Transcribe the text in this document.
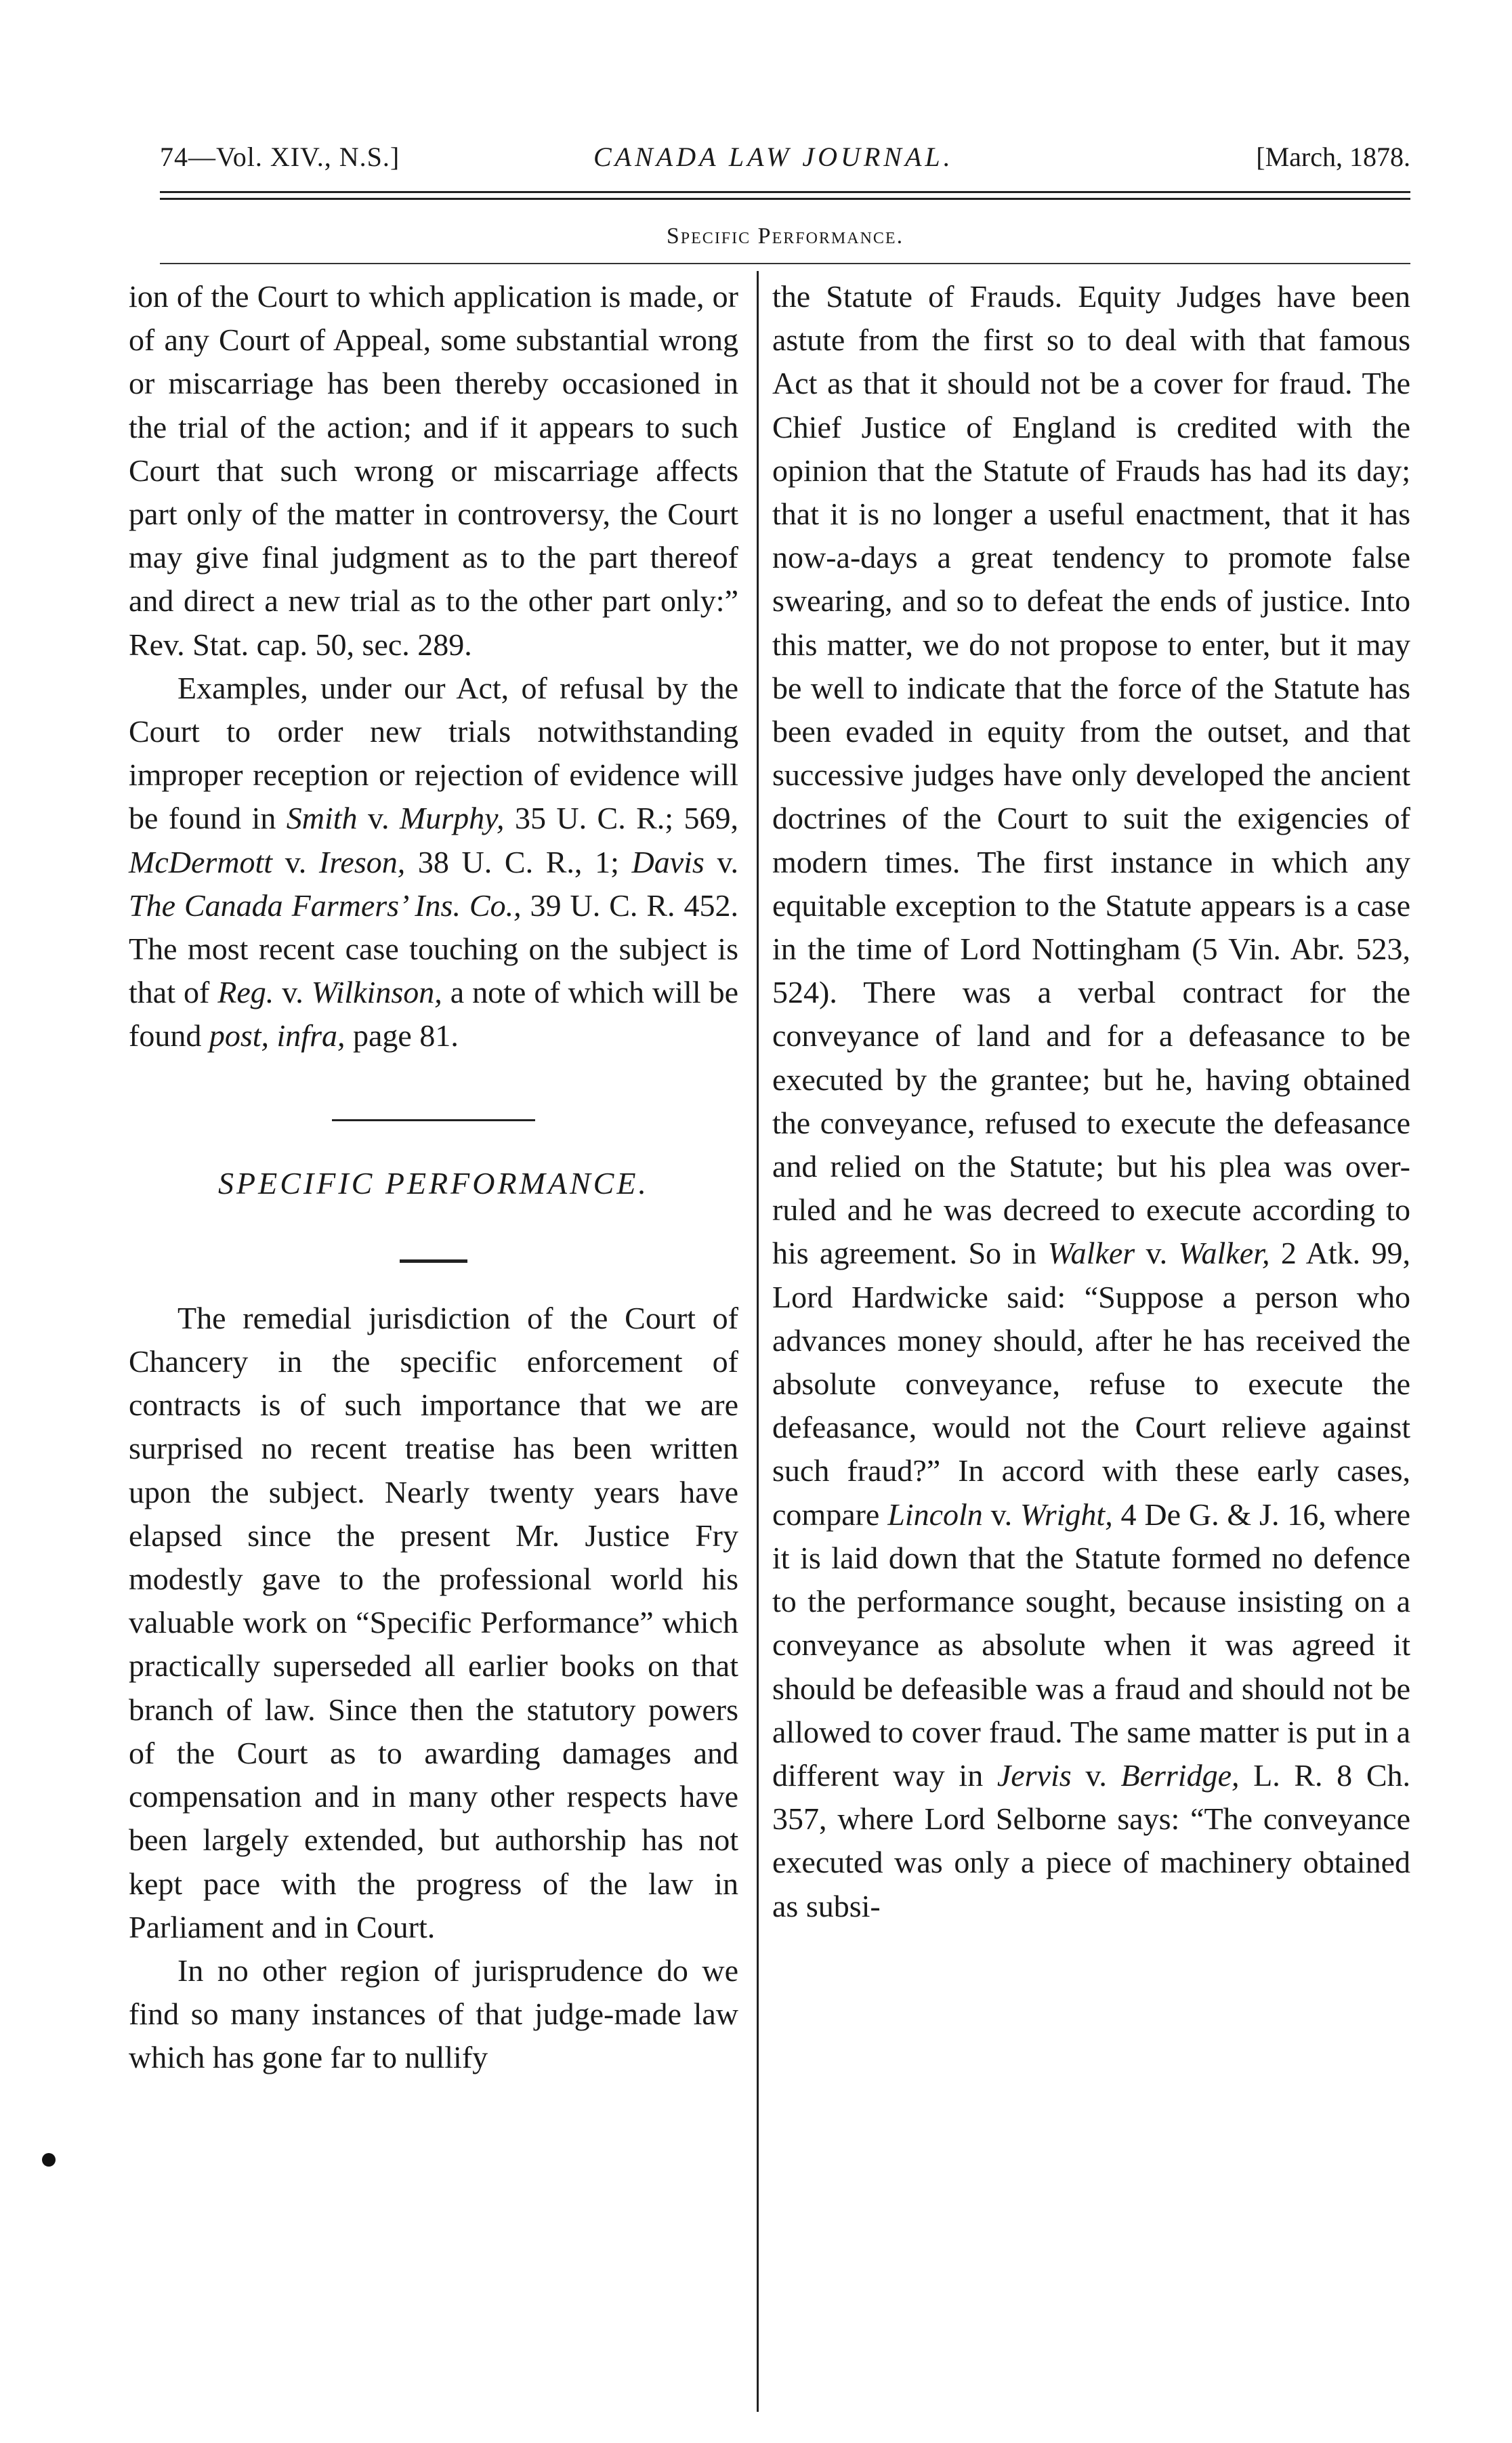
74—Vol. XIV., N.S.]	CANADA LAW JOURNAL.	[March, 1878.
Specific Performance.

ion of the Court to which application is made, or of any Court of Appeal, some substantial wrong or miscarriage has been thereby occasioned in the trial of the action; and if it appears to such Court that such wrong or miscarriage affects part only of the matter in controversy, the Court may give final judgment as to the part thereof and direct a new trial as to the other part only:” Rev. Stat. cap. 50, sec. 289.

Examples, under our Act, of refusal by the Court to order new trials notwithstanding improper reception or rejection of evidence will be found in Smith v. Murphy, 35 U. C. R.; 569, McDermott v. Ireson, 38 U. C. R., 1; Davis v. The Canada Farmers’ Ins. Co., 39 U. C. R. 452. The most recent case touching on the subject is that of Reg. v. Wilkinson, a note of which will be found post, infra, page 81.

SPECIFIC PERFORMANCE.

The remedial jurisdiction of the Court of Chancery in the specific enforcement of contracts is of such importance that we are surprised no recent treatise has been written upon the subject. Nearly twenty years have elapsed since the present Mr. Justice Fry modestly gave to the professional world his valuable work on “Specific Performance” which practically superseded all earlier books on that branch of law. Since then the statutory powers of the Court as to awarding damages and compensation and in many other respects have been largely extended, but authorship has not kept pace with the progress of the law in Parliament and in Court.

In no other region of jurisprudence do we find so many instances of that judge-made law which has gone far to nullify

the Statute of Frauds. Equity Judges have been astute from the first so to deal with that famous Act as that it should not be a cover for fraud. The Chief Justice of England is credited with the opinion that the Statute of Frauds has had its day; that it is no longer a useful enactment, that it has now-a-days a great tendency to promote false swearing, and so to defeat the ends of justice. Into this matter, we do not propose to enter, but it may be well to indicate that the force of the Statute has been evaded in equity from the outset, and that successive judges have only developed the ancient doctrines of the Court to suit the exigencies of modern times. The first instance in which any equitable exception to the Statute appears is a case in the time of Lord Nottingham (5 Vin. Abr. 523, 524). There was a verbal contract for the conveyance of land and for a defeasance to be executed by the grantee; but he, having obtained the conveyance, refused to execute the defeasance and relied on the Statute; but his plea was over-ruled and he was decreed to execute according to his agreement. So in Walker v. Walker, 2 Atk. 99, Lord Hardwicke said: “Suppose a person who advances money should, after he has received the absolute conveyance, refuse to execute the defeasance, would not the Court relieve against such fraud?” In accord with these early cases, compare Lincoln v. Wright, 4 De G. & J. 16, where it is laid down that the Statute formed no defence to the performance sought, because insisting on a conveyance as absolute when it was agreed it should be defeasible was a fraud and should not be allowed to cover fraud. The same matter is put in a different way in Jervis v. Berridge, L. R. 8 Ch. 357, where Lord Selborne says: “The conveyance executed was only a piece of machinery obtained as subsi-
